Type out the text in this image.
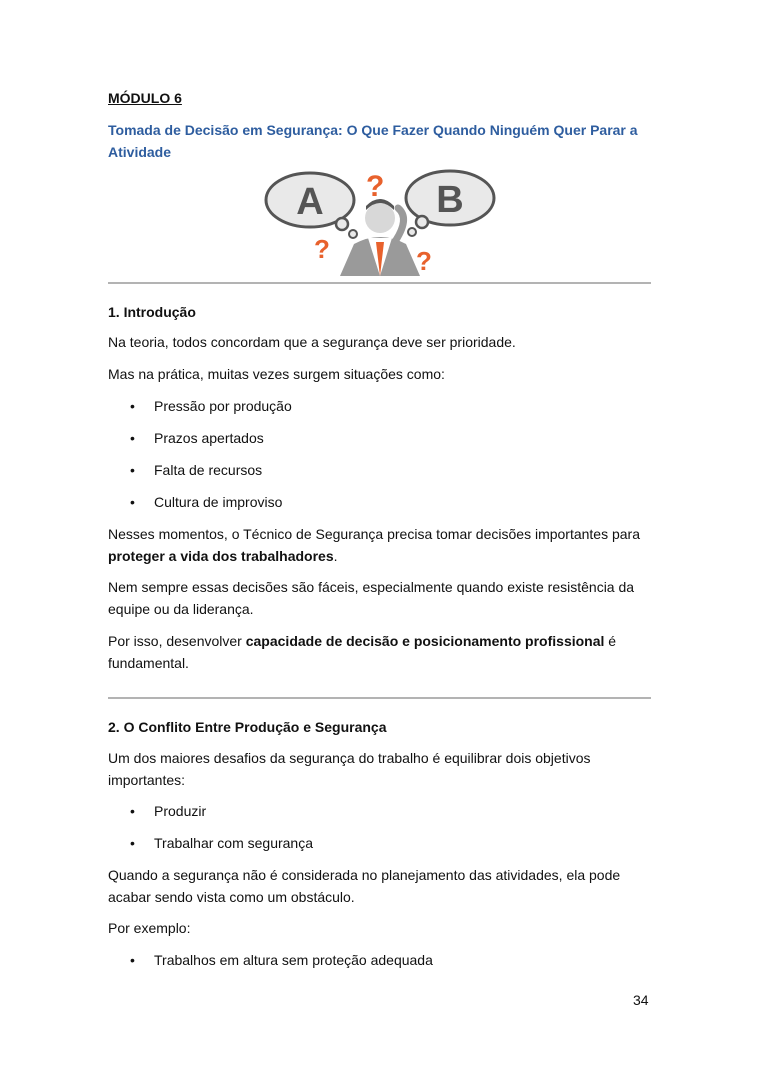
MÓDULO 6
Tomada de Decisão em Segurança: O Que Fazer Quando Ninguém Quer Parar a Atividade
A	B
?
?	?
1. Introdução
Na teoria, todos concordam que a segurança deve ser prioridade.
Mas na prática, muitas vezes surgem situações como:
• Pressão por produção
• Prazos apertados
• Falta de recursos
• Cultura de improviso
Nesses momentos, o Técnico de Segurança precisa tomar decisões importantes para proteger a vida dos trabalhadores.
Nem sempre essas decisões são fáceis, especialmente quando existe resistência da equipe ou da liderança.
Por isso, desenvolver capacidade de decisão e posicionamento profissional é fundamental.
2. O Conflito Entre Produção e Segurança
Um dos maiores desafios da segurança do trabalho é equilibrar dois objetivos importantes:
• Produzir
• Trabalhar com segurança
Quando a segurança não é considerada no planejamento das atividades, ela pode acabar sendo vista como um obstáculo.
Por exemplo:
• Trabalhos em altura sem proteção adequada
34
